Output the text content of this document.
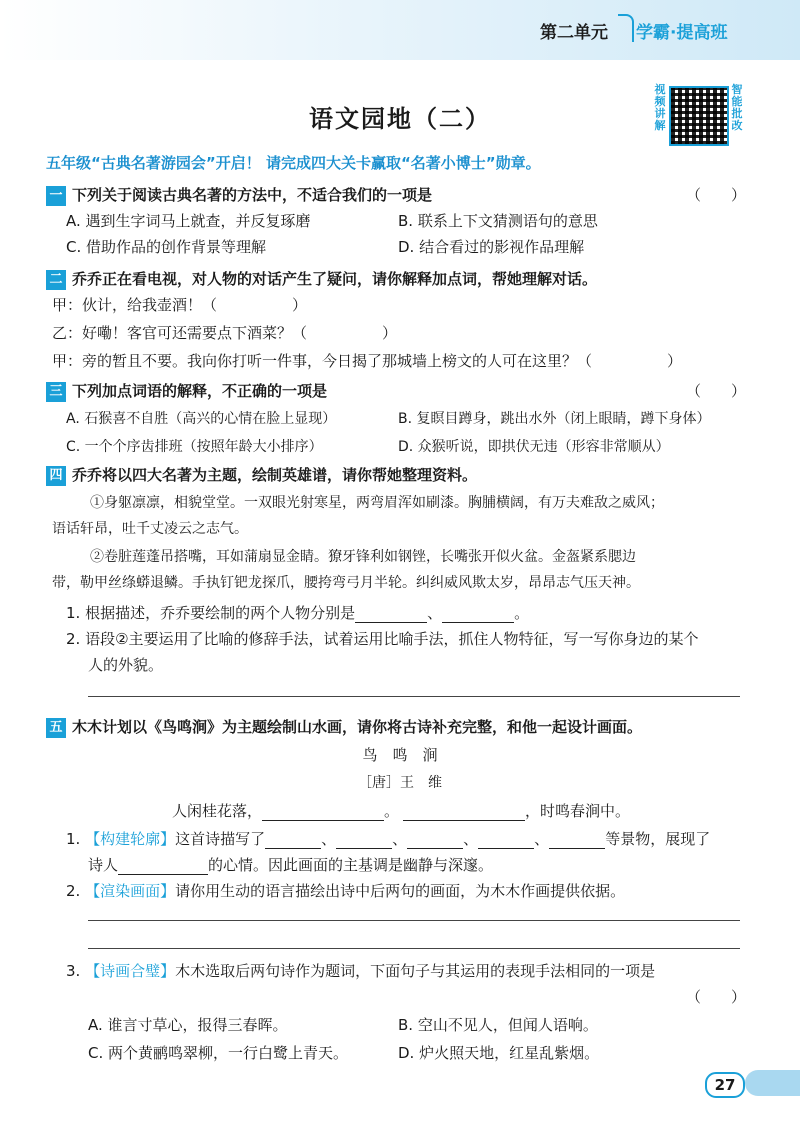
第二单元 学霸·提高班
语文园地（二）
视频讲解
智能批改
五年级“古典名著游园会”开启！ 请完成四大关卡赢取“名著小博士”勋章。
一 下列关于阅读古典名著的方法中，不适合我们的一项是	（　　）
A. 遇到生字词马上就查，并反复琢磨	B. 联系上下文猜测语句的意思
C. 借助作品的创作背景等理解	D. 结合看过的影视作品理解
二 乔乔正在看电视，对人物的对话产生了疑问，请你解释加点词，帮她理解对话。
甲：伙计，给我壶酒！（　　　　　）
乙：好嘞！客官可还需要点下酒菜？（　　　　　）
甲：旁的暂且不要。我向你打听一件事，今日揭了那城墙上榜文的人可在这里？（　　　　　）
三 下列加点词语的解释，不正确的一项是	（　　）
A. 石猴喜不自胜（高兴的心情在脸上显现）	B. 复瞑目蹲身，跳出水外（闭上眼睛，蹲下身体）
C. 一个个序齿排班（按照年龄大小排序）	D. 众猴听说，即拱伏无违（形容非常顺从）
四 乔乔将以四大名著为主题，绘制英雄谱，请你帮她整理资料。
①身躯凛凛，相貌堂堂。一双眼光射寒星，两弯眉浑如刷漆。胸脯横阔，有万夫难敌之威风；
语话轩昂，吐千丈凌云之志气。
②卷脏莲蓬吊搭嘴，耳如蒲扇显金睛。獠牙锋利如钢锉，长嘴张开似火盆。金盔紧系腮边
带，勒甲丝绦蟒退鳞。手执钉钯龙探爪，腰挎弯弓月半轮。纠纠威风欺太岁，昂昂志气压天神。
1. 根据描述，乔乔要绘制的两个人物分别是	、	。
2. 语段②主要运用了比喻的修辞手法，试着运用比喻手法，抓住人物特征，写一写你身边的某个
人的外貌。
五 木木计划以《鸟鸣涧》为主题绘制山水画，请你将古诗补充完整，和他一起设计画面。
鸟　鸣　涧
［唐］王　维
人闲桂花落，	。	，时鸣春涧中。
1. 【构建轮廓】这首诗描写了	、	、	、	、	等景物，展现了
诗人	的心情。因此画面的主基调是幽静与深邃。
2. 【渲染画面】请你用生动的语言描绘出诗中后两句的画面，为木木作画提供依据。
3. 【诗画合璧】木木选取后两句诗作为题词，下面句子与其运用的表现手法相同的一项是
（　　）
A. 谁言寸草心，报得三春晖。	B. 空山不见人，但闻人语响。
C. 两个黄鹂鸣翠柳，一行白鹭上青天。	D. 炉火照天地，红星乱紫烟。
27
